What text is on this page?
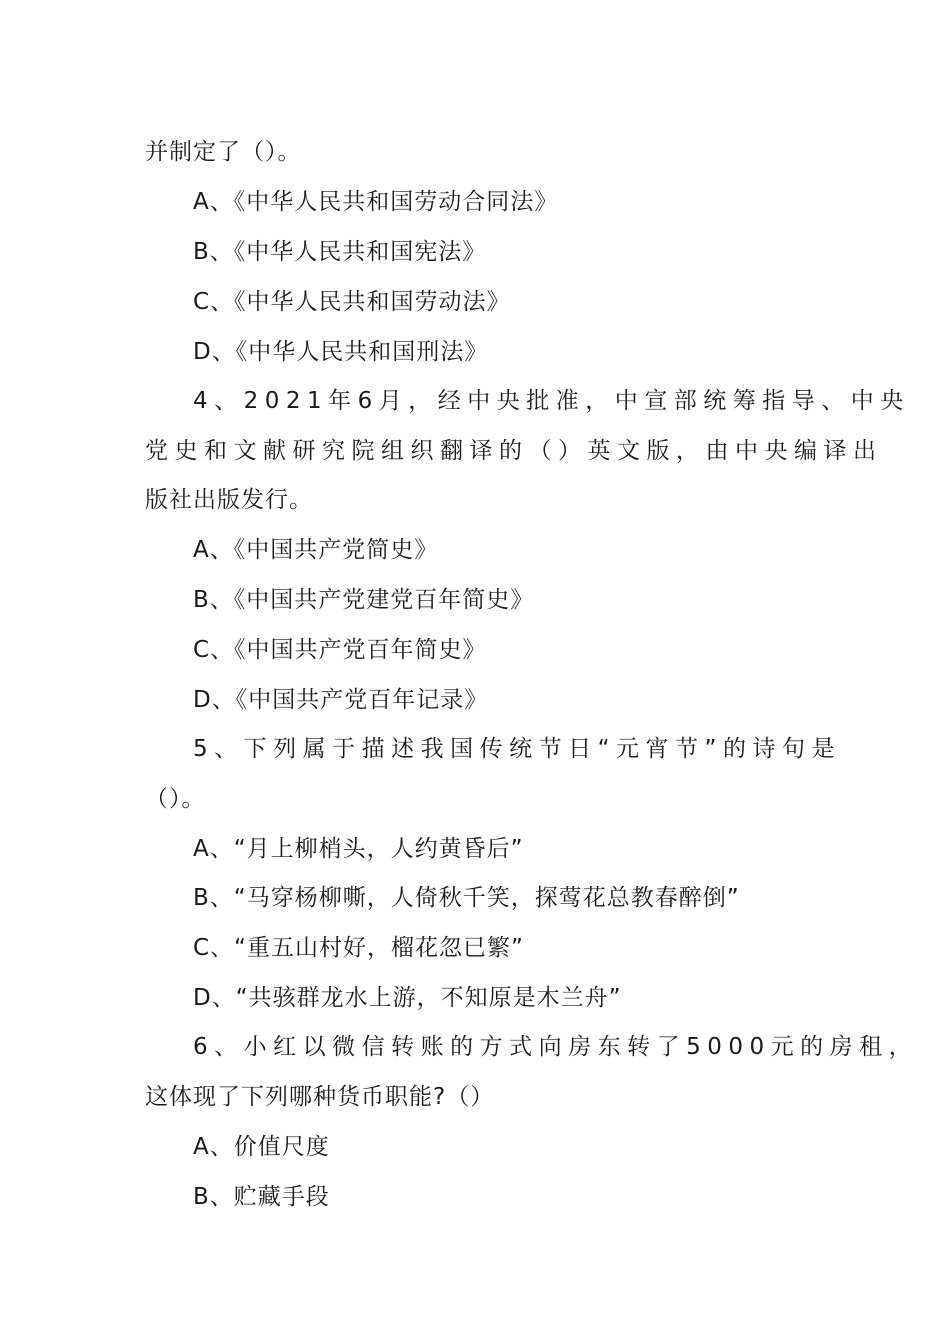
并制定了（）。
A、《中华人民共和国劳动合同法》
B、《中华人民共和国宪法》
C、《中华人民共和国劳动法》
D、《中华人民共和国刑法》
4、2021年6月，经中央批准，中宣部统筹指导、中央
党史和文献研究院组织翻译的（）英文版，由中央编译出
版社出版发行。
A、《中国共产党简史》
B、《中国共产党建党百年简史》
C、《中国共产党百年简史》
D、《中国共产党百年记录》
5、下列属于描述我国传统节日“元宵节”的诗句是
（）。
A、“月上柳梢头，人约黄昏后”
B、“马穿杨柳嘶，人倚秋千笑，探莺花总教春醉倒”
C、“重五山村好，榴花忽已繁”
D、“共骇群龙水上游，不知原是木兰舟”
6、小红以微信转账的方式向房东转了5000元的房租，
这体现了下列哪种货币职能?（）
A、价值尺度
B、贮藏手段
